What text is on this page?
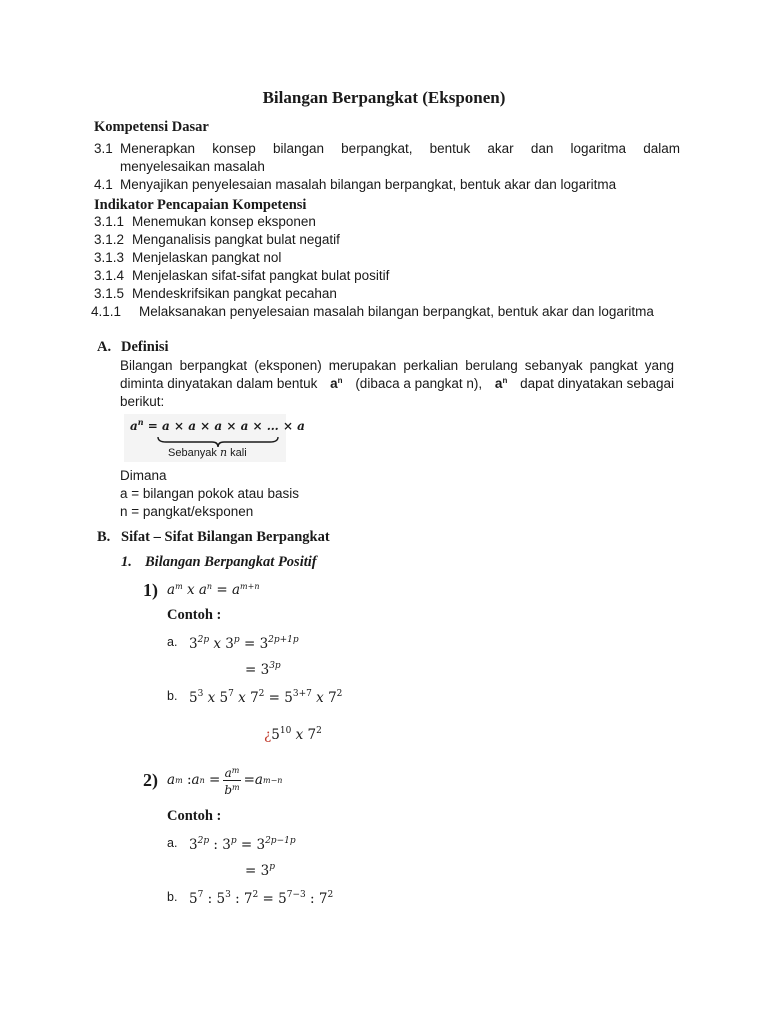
Bilangan Berpangkat (Eksponen)
Kompetensi Dasar
3.1 Menerapkan konsep bilangan berpangkat, bentuk akar dan logaritma dalam
menyelesaikan masalah
4.1 Menyajikan penyelesaian masalah bilangan berpangkat, bentuk akar dan logaritma
Indikator Pencapaian Kompetensi
3.1.1 Menemukan konsep eksponen
3.1.2 Menganalisis pangkat bulat negatif
3.1.3 Menjelaskan pangkat nol
3.1.4 Menjelaskan sifat-sifat pangkat bulat positif
3.1.5 Mendeskrifsikan pangkat pecahan
4.1.1	Melaksanakan penyelesaian masalah bilangan berpangkat, bentuk akar dan logaritma
A. Definisi
Bilangan berpangkat (eksponen) merupakan perkalian berulang sebanyak pangkat yang
diminta dinyatakan dalam bentuk $a^n$ (dibaca a pangkat n), $a^n$ dapat dinyatakan sebagai
berikut:
$a^n = a \times a \times a \times a$ × … × a
Sebanyak n kali
Dimana
a = bilangan pokok atau basis
n = pangkat/eksponen
B. Sifat – Sifat Bilangan Berpangkat
1. Bilangan Berpangkat Positif
1) $a^m$ x $a^n = a^{m+n}$
Contoh :
a. $3^{2p}$ x $3^p = 3^{2p+1p}$
= $3^{3p}$
b. $5^3$ x $5^7$ x $7^2 = 5^{3+7}$ x $7^2$
¿$5^{10}$ x $7^2$
2) a m : a $n = \frac{a^m}{b^m} = a$ m−n
Contoh :
a. $3^{2p}$ : $3^p = 3^{2p-1p}$
= $3^p$
b. $5^7$ : $5^3$ : $7^2 = 5^{7-3}$ : $7^2$
